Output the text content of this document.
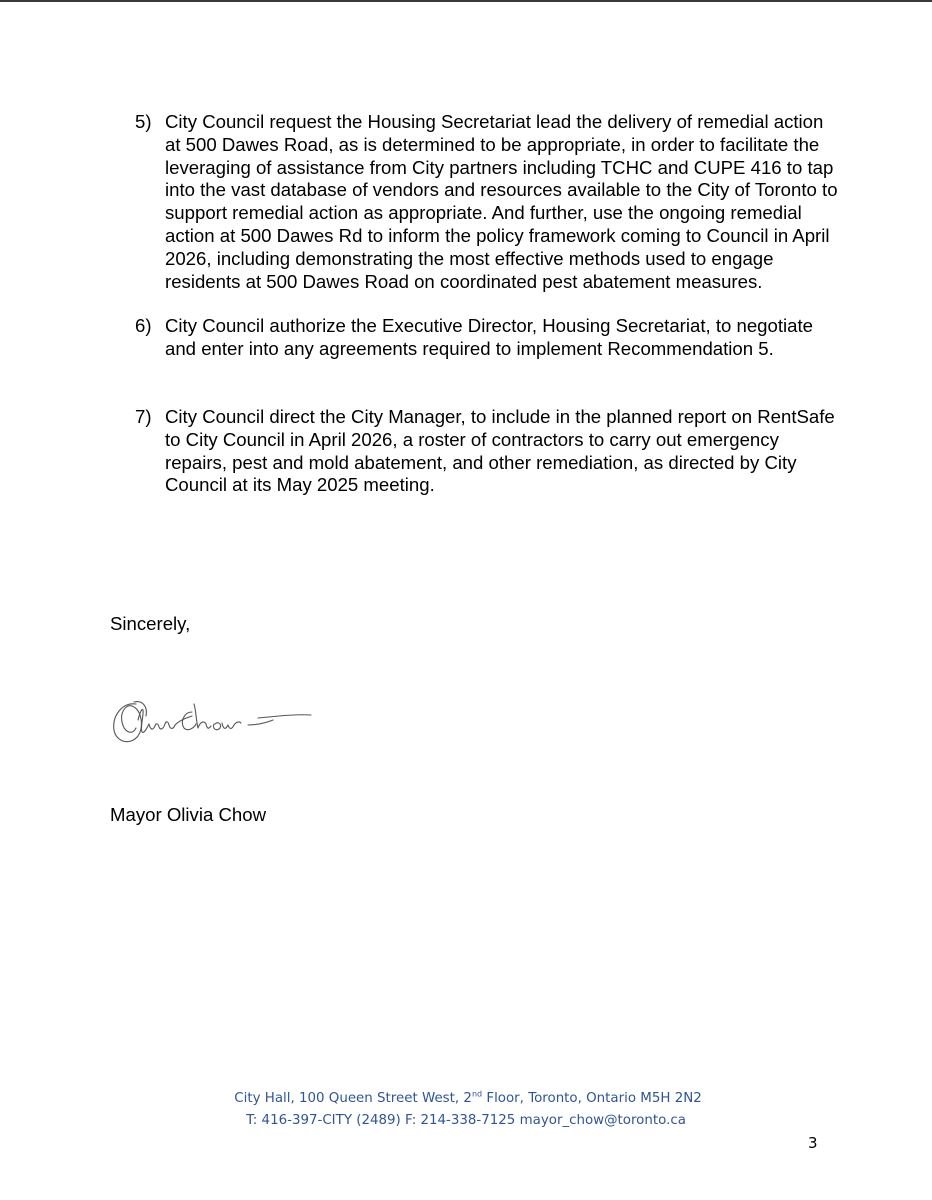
5) City Council request the Housing Secretariat lead the delivery of remedial action at 500 Dawes Road, as is determined to be appropriate, in order to facilitate the leveraging of assistance from City partners including TCHC and CUPE 416 to tap into the vast database of vendors and resources available to the City of Toronto to support remedial action as appropriate. And further, use the ongoing remedial action at 500 Dawes Rd to inform the policy framework coming to Council in April 2026, including demonstrating the most effective methods used to engage residents at 500 Dawes Road on coordinated pest abatement measures.
6) City Council authorize the Executive Director, Housing Secretariat, to negotiate and enter into any agreements required to implement Recommendation 5.
7) City Council direct the City Manager, to include in the planned report on RentSafe to City Council in April 2026, a roster of contractors to carry out emergency repairs, pest and mold abatement, and other remediation, as directed by City Council at its May 2025 meeting.
Sincerely,
Mayor Olivia Chow
City Hall, 100 Queen Street West, 2nd Floor, Toronto, Ontario M5H 2N2
T: 416-397-CITY (2489) F: 214-338-7125 mayor_chow@toronto.ca
3
